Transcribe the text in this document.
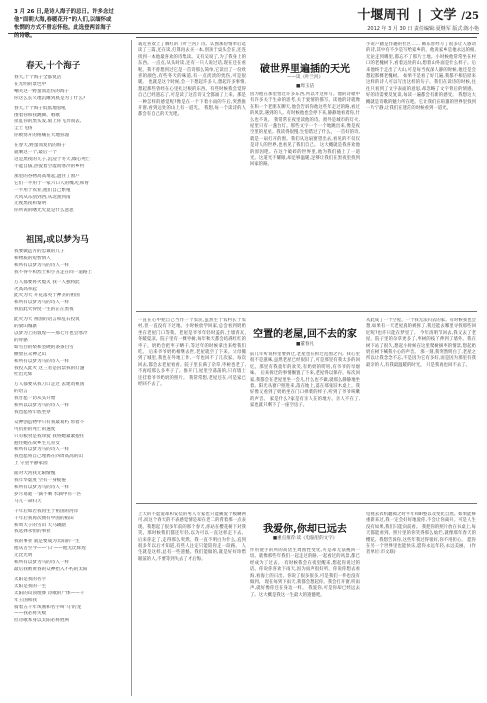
十堰周刊 | 文学 /25
2012 年 3 月 30 日 责任编辑:夏继军 版式:陈小艳
3 月 26 日,是诗人海子的忌日。许多念过他“面朝大海,春暖花开”的人们,以缅怀或怅惘的方式不曾忘怀他。此选登两首海子的诗歌。
春天,十个海子
春天,十个海子全都复活
在光明的景色中
嘲笑这一野蛮而悲伤的海子
你这么长久地沉睡到底是为了什么?

春天,十个海子低低地怒吼
围着你和我跳舞、唱歌
扯乱你的黑头发,骑上你飞奔而去,
尘土飞扬
你被劈开的疼痛在大地弥漫

在春天,野蛮而复仇的海子
就剩这一个,最后一个
这是黑夜的儿子,沉浸于冬天,倾心死亡
不能自拔,热爱着空虚而寒冷的乡村

那里的谷物高高堆起,遮住了窗户
它们一半用于一家六口人的嘴,吃和胃
一半用于农业,他们自己繁殖
大风从东刮到西,从北刮到南
无视黑夜和黎明
你所说的曙光究竟是什么意思
祖国,或以梦为马
我要做远方的忠诚的儿子
和物质的短暂情人
和所有以梦为马的诗人一样
我不得不和烈士和小丑走在同一道路上

万人都要将火熄灭 我一人独将此
火高高举起
此火为大 开花落英于神圣的祖国
和所有以梦为马的诗人一样
我借此火得度一生的茫茫黑夜

此火为大 祖国的语言和乱石投筑
的梁山城寨
以梦为上的敦煌——那七月也会寒冷
的骨骼
如雪白的柴和坚硬的条条白雪
横放在众神之山
和所有以梦为马的诗人一样
我投入此火 这三者是囚禁我的灯盏
吐出光辉

万人都要从我刀口走过 去建筑祖国
的语言
我甘愿一切从头开始
和所以以梦为马的诗人一样
我也愿将牢底坐穿

众神创造物中只有我最易朽 带着不
可抗拒的死亡的速度
只有粮食是我珍爱 我将她紧紧抱住
抱住她在故乡生儿育女
和所有以梦为马的诗人一样
我也愿将自己埋葬在四周高高的山
上 守望平静家园

面对大河我无限惭愧
我年华虚度 空有一身疲倦
和所有以梦为马的诗人一样
岁月易逝 一滴不剩 水滴中有一匹
马儿一命归天

千年后如若我再生于祖国的河岸
千年后我再次拥有中国的稻田
和周天子的雪山 天马踢踏
我选择永恒的事业

我的事业 就是要成为太阳的一生
他从古至今——‘日’——他无比辉煌
无比光明
和所有以梦为马的诗人一样
最后我被黄昏的众神抬入不朽的太阳

太阳是我的名字
太阳是我的一生
太阳的山顶埋葬 诗歌的尸体——千
年王国和我
骑着五千年凤凰和名字叫‘马’的龙
——我必将失败
但诗歌本身以太阳必将胜利
栽近喜欢上了腾红的《叶兰河》诗。认图那份情奉后选读了三篇,还在读,打算再去买一本,别顶于桌头会在,还连找到一本他最喜欢的诗集读。又有吴说了,为了我身上的东西。一点点,从头时读,还有一只人说过话,现在还在看呢。我不曾想到过它是一首诗那么简单,它读出了一份欣喜的颜色,有些冬天的味道,有一点淡淡的忧伤,可是很暖。 也就是这个时候,会一下想起许多人,想起许多事情,想起那些曾经在心里扎过根的东西。有些时候我会觉得自己已经遗忘了,可是读了这首诗又全都涌了上来。那是一种怎样的感觉呢?像是在一个下着小雨的午后,突然推开窗,看到远处的山上有一道光。 我想,每一个读诗的人都会有自己的天光吧。
破世界里遍插的天光
——读《叶兰河》
■周玉洁
因为他在那里悟过许多东西,所以才这样写。他的诗歌中有许多关于生命的思考,关于爱情的描写。读他的诗就像在和一个老朋友聊天,他会告诉你他这些年走过的路,看过的风景,遇到的人。有时候他也会停下来,静静地看着你,什么也不说。 我常常在夜里读他的诗。窗外是城市的灯火,屋里只有一盏台灯。那些文字一个一个地跳出来,像是夜空里的星星。我读得很慢,生怕错过了什么。 一首好的诗,就是一扇打开的窗。我们从这扇窗望出去,看见的不仅仅是诗人的世界,也看见了我们自己。 这大概就是我喜欢他的原因吧。在这个破碎的世界里,他为我们插上了一道光。这道光不耀眼,却足够温暖,足够让我们在黑夜里找到回家的路。
小说户籍是作趣的社区…… 腾乐曾经写了很多让人感动的诗,其中有不少是写给家乡的。他说家乡是他永远的根,无论走到哪里,都忘不了那片土地。小时候他常常坐在村口的老槐树下,看着远处的山,想着山外面是什么样子。后来他终于走出了大山,可是每当夜深人静的时候,他还是会想起那棵老槐树。 如果不是看了好几遍,我都不相信原来这样的诗人可以写出这样的句子。我们在读诗的时候,往往只看到了文字表面的意思,却忽略了文字背后的情感。好的诗需要反复读,每读一遍都会有新的感受。 我想这大概就是诗歌的魅力所在吧。它让我们在喧嚣的世界里找到一片宁静,让我们在迷茫的时候看到一道光。
一直在心中把自己当作一个农民,虽然生于农村长于农村,但一直没有下过地。小时候放学回家,总会看到奶奶坐在老屋门口等我。老屋是爷爷年轻时盖的,土墙青瓦,冬暖夏凉。院子里有一棵枣树,每年秋天都会结满红红的枣子。奶奶会把枣子晒干,等过年的时候拿出来给我们吃。 后来爷爷奶奶相继去世,老屋就空了下来。父母搬到了城里,我也在外地工作,一年也回不了几次家。每次回去,都会去老屋看看。院子里长满了杂草,枣树也老了,不再结那么多枣子了。推开门,屋里空荡荡的,只有墙上还挂着爷爷奶奶的照片。 我常常想,老屋还在,可是家已经回不去了。
空置的老屋,回不去的家
■董春凡
前几年听说村里要拆迁,老屋也在拆迁范围之内。我心里很不是滋味,虽然老屋已经很旧了,可是那里有我太多的回忆。那里有我童年的欢笑,有奶奶的唠叨,有爷爷的旱烟味。 后来拆迁的事情搁置了下来,老屋得以保存。每次回家,我都会在老屋里坐一会儿,什么也不做,就那么静静地坐着。阳光从窗户照进来,落在地上,落在那张旧木桌上。我好像又看到了奶奶坐在门口择菜的样子,听到了爷爷咳嗽的声音。 家是什么?家是有亲人在的地方。亲人不在了,家也就只剩下了一座空房子。
从此成了一个空屋。一个我无法归去的家。有时候我也会想,如果有一天老屋真的被拆了,我还能去哪里寻找那些回忆呢?也许只能在梦里了。 今年清明节回去,我又去了老屋。院子里的杂草更多了,枣树的枝丫伸到了墙外。我在树下站了很久,想起小时候在这里爬树摘枣的情景,想起奶奶在树下喊我小心的声音。 那一刻,我突然明白了,老屋之所以让我念念不忘,不是因为它有多好,而是因为那里有我最亲的人,有我最温暖的时光。 只是我再也回不去了。
上天的不愿爱却和安装的男人专家也只能痛爱个模糊两可,而这个春天的不表感觉情是却在老二的背着那一点表现。我想起了很多年前的那个春天,你站在樱花树下对我笑。那时候我们都还年轻,以为可以一直这样走下去。 后来你走了,走得那么突然。我一直不明白为什么,直到很多年以后才知道,有些人注定只能陪你走一段路。 人生就是这样,总有一些遗憾。我们能做的,就是好好珍惜眼前的人,不要等到失去了才后悔。
我爱你,你却已远去
■重点推荐:读《电脑里的文字》
作用使手的所的高货生周围性变化,可是却无法挽回一切。就像那些年我们一起走过的路,一起看过的风景,都已经成为了过去。 有时候我会在夜里醒来,想起你说过的话。你说你喜欢下雨天,因为雨声很好听。你说你想去看海,看海上的日出。你说了很多很多,可是我们一件也没有做到。 现在每到下雨天,我都会想起你。我会打开窗,听雨声,就好像你还在身边一样。 我爱你,可是你却已经远去了。这大概是我这一生最大的遗憾吧。
电视去衣机翻阅之时平年和ⅡⅠ整以及变化自然。如果能够重新来过,我一定会好好地爱你,不会让你离开。可是人生没有如果,我们只能向前看。 我把你的照片放在书桌上,每天都能看到。照片里的你笑得那么灿烂,就像那年春天的樱花。我想告诉你,这些年我过得很好,你不用担心。 愿你在另一个世界里也能快乐,愿你永远年轻,永远美丽。 (作者单位:市文联)
